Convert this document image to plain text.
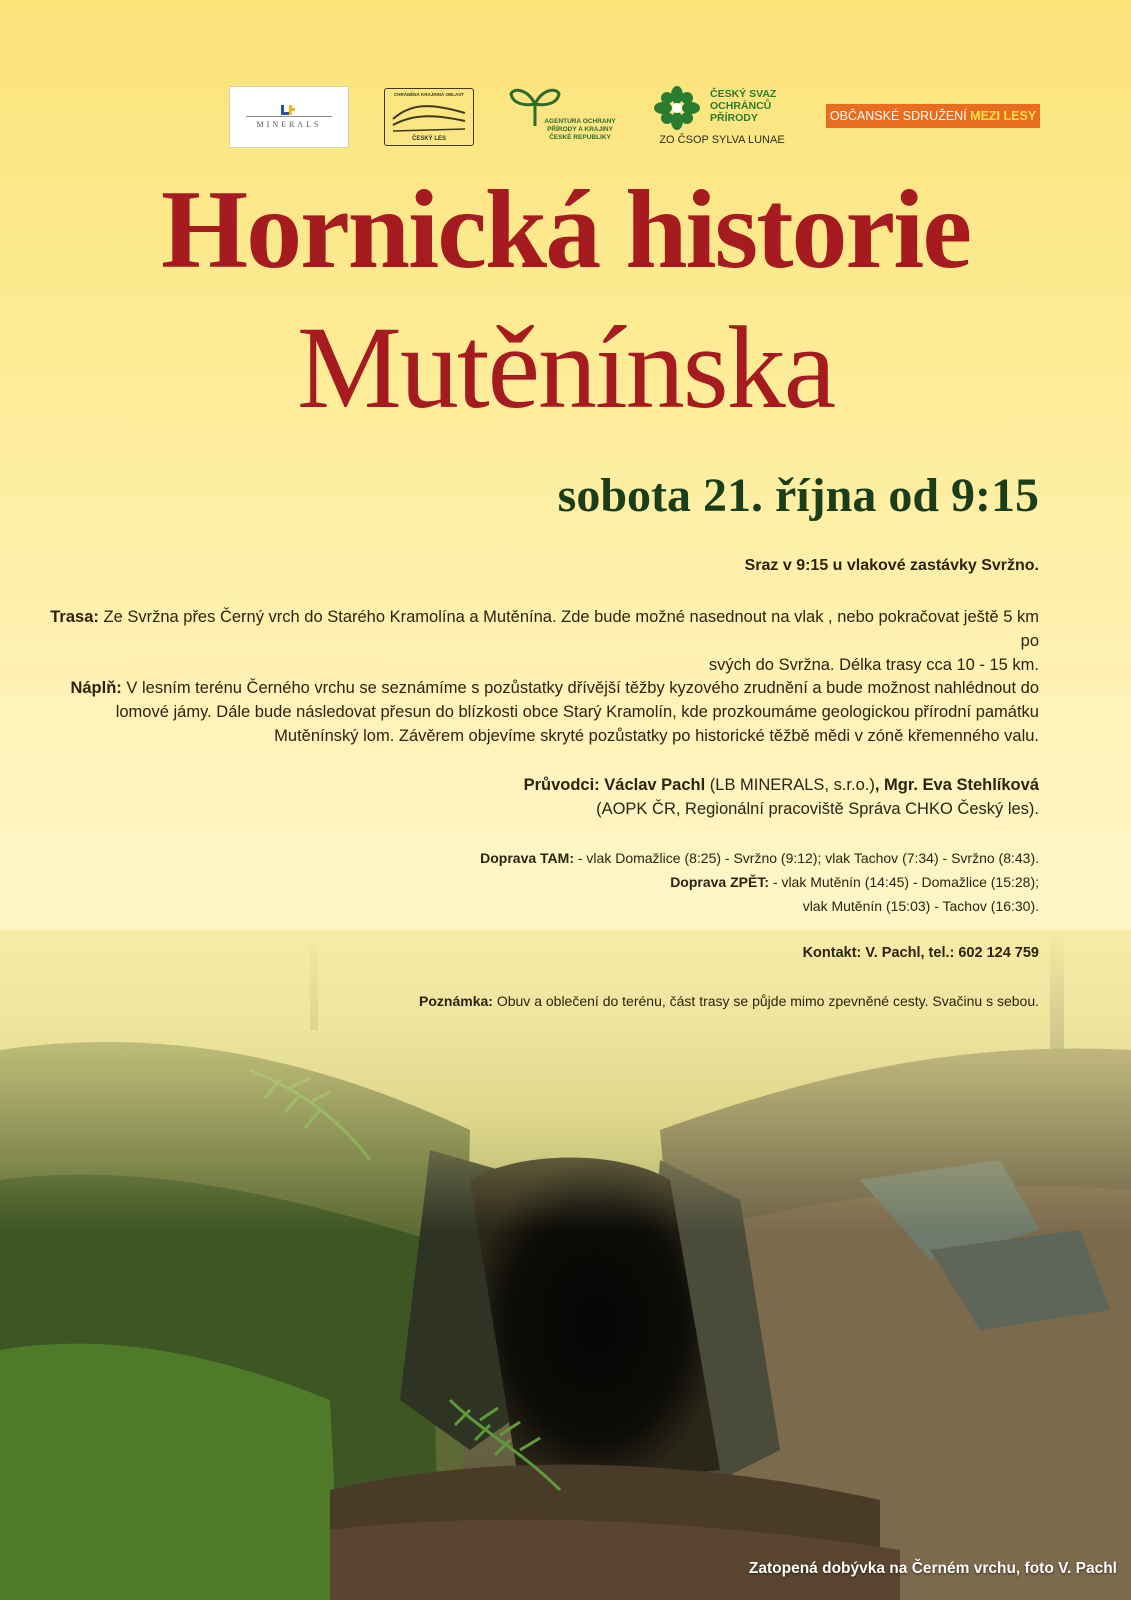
MINERALS
CHRÁNĚNÁ KRAJINNÁ OBLAST
ČESKÝ LES
AGENTURA OCHRANY
PŘÍRODY A KRAJINY
ČESKÉ REPUBLIKY
ČESKÝ SVAZ
OCHRÁNCŮ
PŘÍRODY
ZO ČSOP SYLVA LUNAE
OBČANSKÉ SDRUŽENÍ MEZI LESY
Hornická historie
Mutěnínska
sobota 21. října od 9:15
Sraz v 9:15 u vlakové zastávky Svržno.
Trasa: Ze Svržna přes Černý vrch do Starého Kramolína a Mutěnína. Zde bude možné nasednout na vlak , nebo pokračovat ještě 5 km po
svých do Svržna. Délka trasy cca 10 - 15 km.
Náplň: V lesním terénu Černého vrchu se seznámíme s pozůstatky dřívější těžby kyzového zrudnění a bude možnost nahlédnout do
lomové jámy. Dále bude následovat přesun do blízkosti obce Starý Kramolín, kde prozkoumáme geologickou přírodní památku
Mutěnínský lom. Závěrem objevíme skryté pozůstatky po historické těžbě mědi v zóně křemenného valu.
Průvodci: Václav Pachl (LB MINERALS, s.r.o.), Mgr. Eva Stehlíková
(AOPK ČR, Regionální pracoviště Správa CHKO Český les).
Doprava TAM: - vlak Domažlice (8:25) - Svržno (9:12); vlak Tachov (7:34) - Svržno (8:43).
Doprava ZPĚT: - vlak Mutěnín (14:45) - Domažlice (15:28);
vlak Mutěnín (15:03) - Tachov (16:30).
Kontakt: V. Pachl, tel.: 602 124 759
Poznámka: Obuv a oblečení do terénu, část trasy se půjde mimo zpevněné cesty. Svačinu s sebou.
Zatopená dobývka na Černém vrchu, foto V. Pachl
